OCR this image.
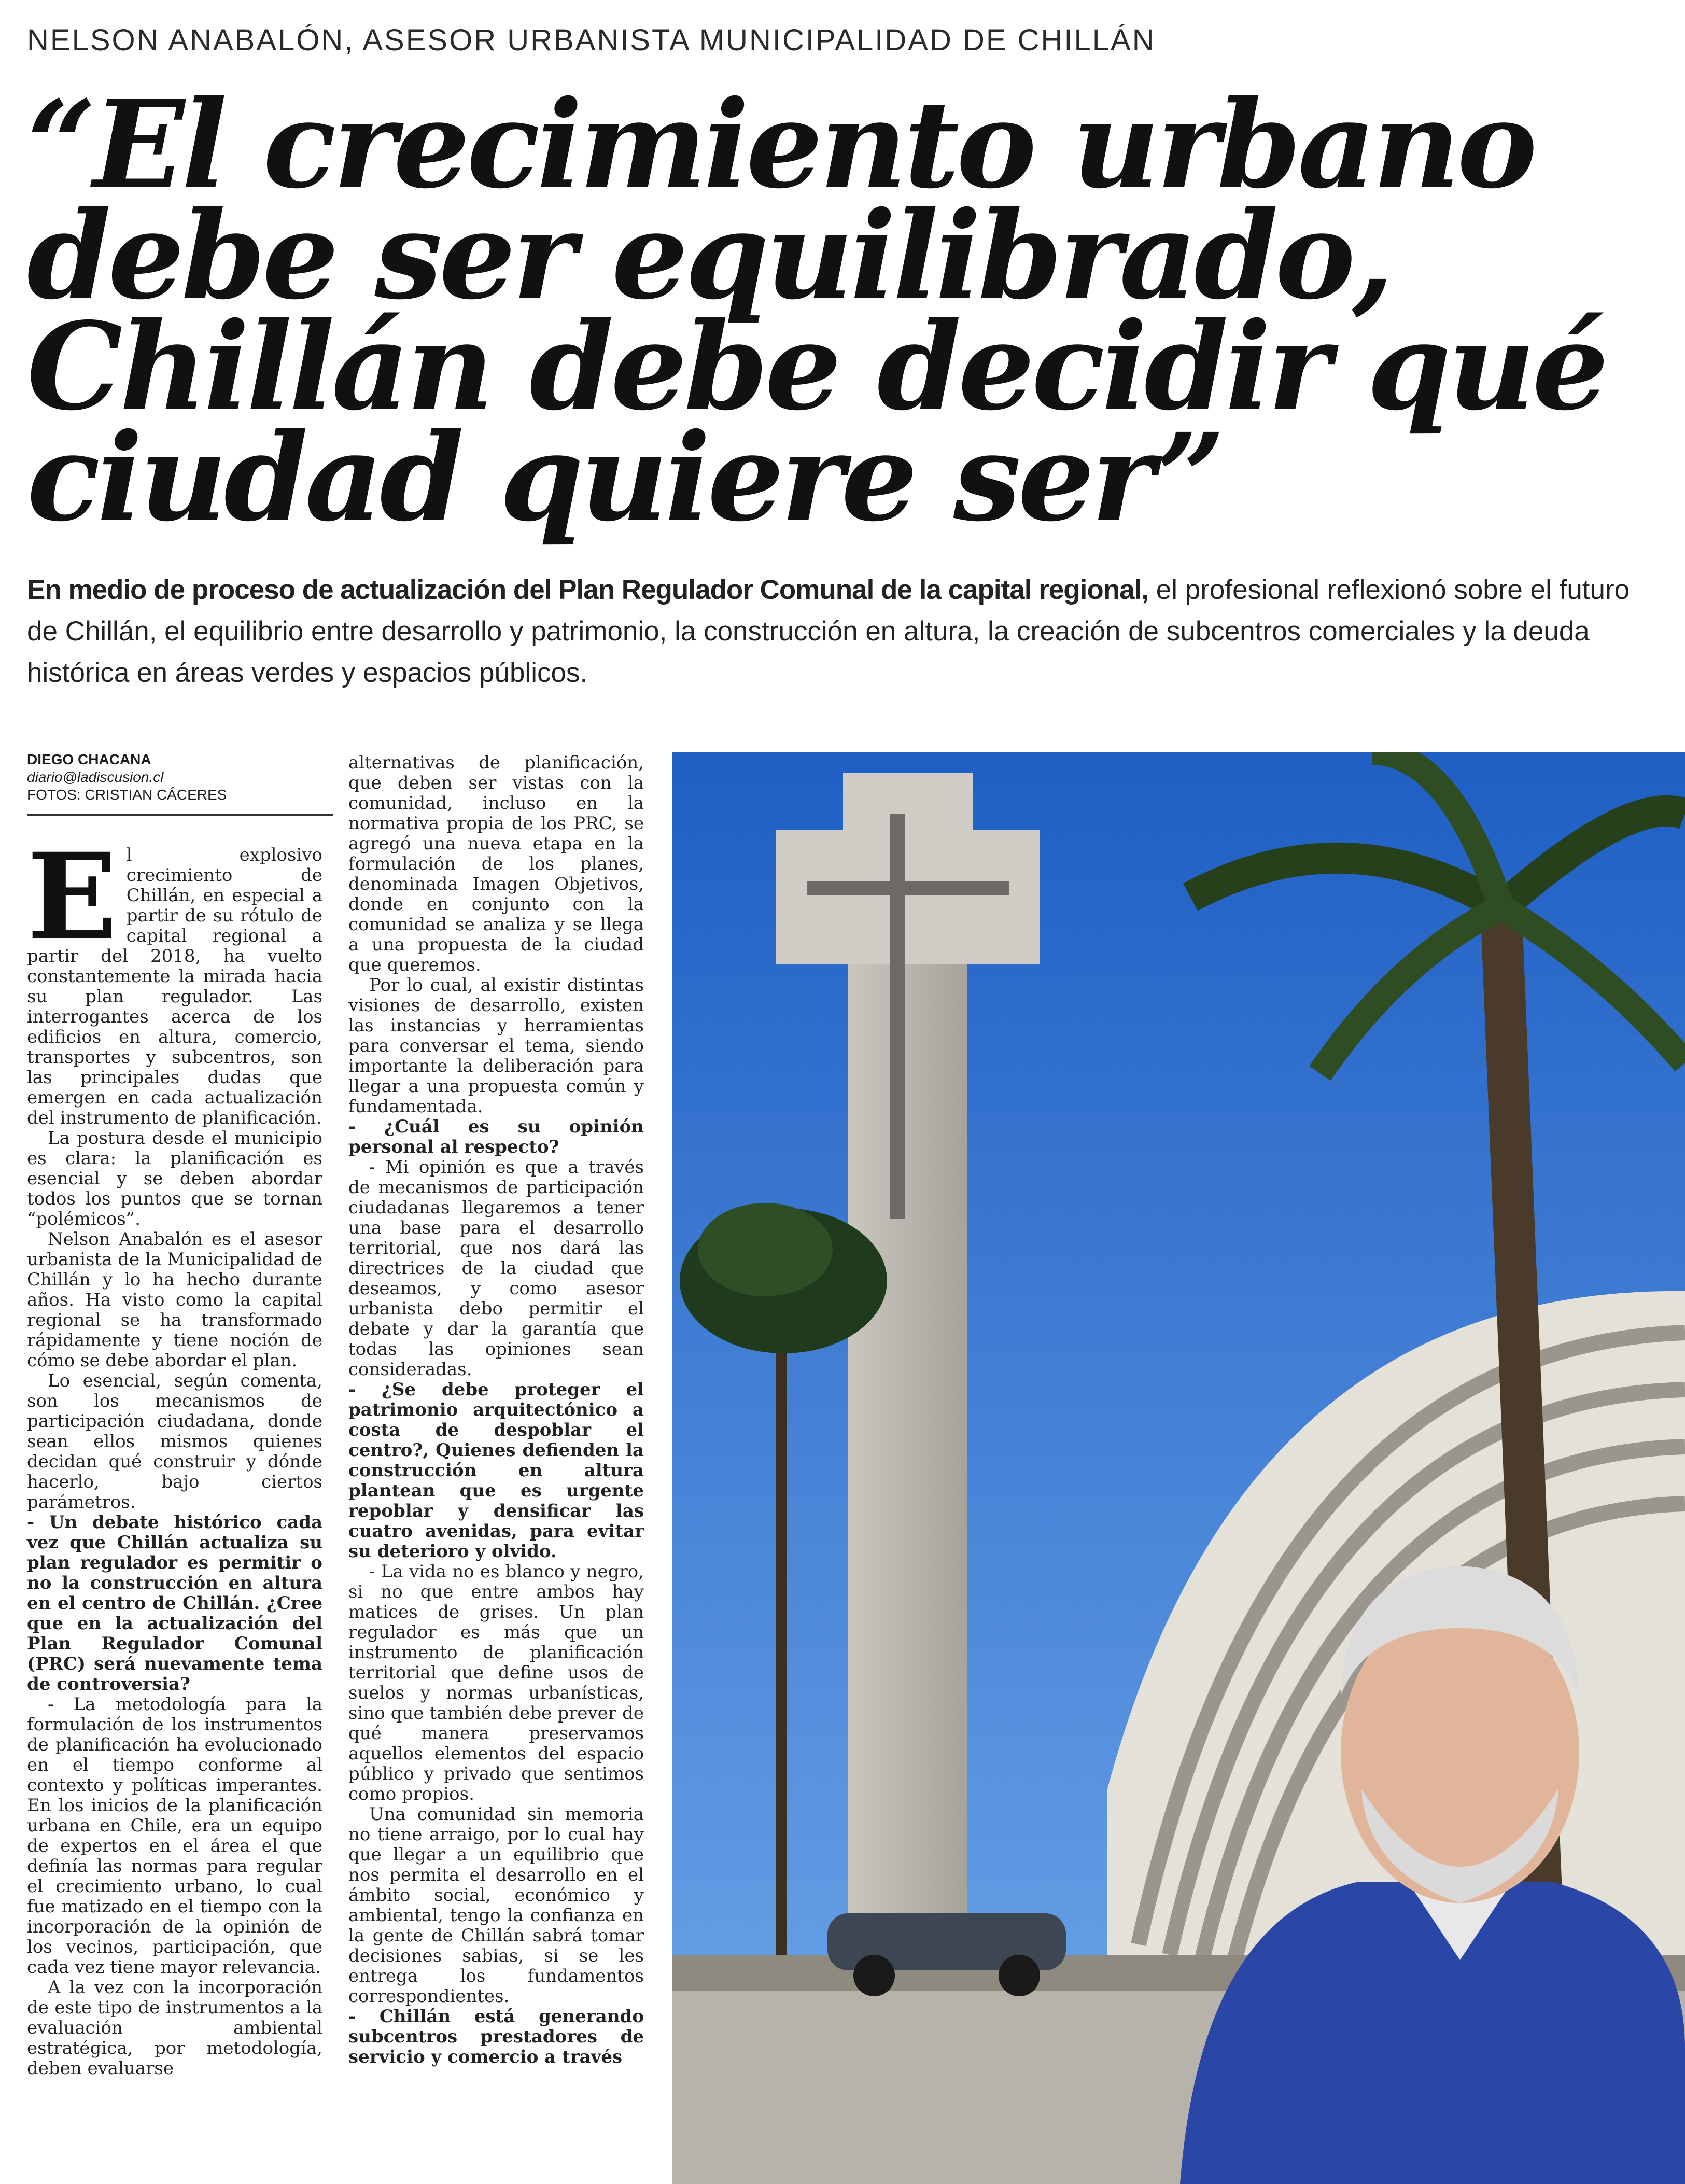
NELSON ANABALÓN, ASESOR URBANISTA MUNICIPALIDAD DE CHILLÁN
“El crecimiento urbano
debe ser equilibrado,
Chillán debe decidir qué
ciudad quiere ser”
En medio de proceso de actualización del Plan Regulador Comunal de la capital regional, el profesional reflexionó sobre el futuro de Chillán, el equilibrio entre desarrollo y patrimonio, la construcción en altura, la creación de subcentros comerciales y la deuda histórica en áreas verdes y espacios públicos.
DIEGO CHACANA
diario@ladiscusion.cl
FOTOS: CRISTIAN CÁCERES

El explosivo crecimiento de Chillán, en especial a partir de su rótulo de capital regional a partir del 2018, ha vuelto constantemente la mirada hacia su plan regulador. Las interrogantes acerca de los edificios en altura, comercio, transportes y subcentros, son las principales dudas que emergen en cada actualización del instrumento de planificación.

La postura desde el municipio es clara: la planificación es esencial y se deben abordar todos los puntos que se tornan “polémicos”.

Nelson Anabalón es el asesor urbanista de la Municipalidad de Chillán y lo ha hecho durante años. Ha visto como la capital regional se ha transformado rápidamente y tiene noción de cómo se debe abordar el plan.

Lo esencial, según comenta, son los mecanismos de participación ciudadana, donde sean ellos mismos quienes decidan qué construir y dónde hacerlo, bajo ciertos parámetros.

- Un debate histórico cada vez que Chillán actualiza su plan regulador es permitir o no la construcción en altura en el centro de Chillán. ¿Cree que en la actualización del Plan Regulador Comunal (PRC) será nuevamente tema de controversia?

- La metodología para la formulación de los instrumentos de planificación ha evolucionado en el tiempo conforme al contexto y políticas imperantes. En los inicios de la planificación urbana en Chile, era un equipo de expertos en el área el que definía las normas para regular el crecimiento urbano, lo cual fue matizado en el tiempo con la incorporación de la opinión de los vecinos, participación, que cada vez tiene mayor relevancia.

A la vez con la incorporación de este tipo de instrumentos a la evaluación ambiental estratégica, por metodología, deben evaluarse

alternativas de planificación, que deben ser vistas con la comunidad, incluso en la normativa propia de los PRC, se agregó una nueva etapa en la formulación de los planes, denominada Imagen Objetivos, donde en conjunto con la comunidad se analiza y se llega a una propuesta de la ciudad que queremos.

Por lo cual, al existir distintas visiones de desarrollo, existen las instancias y herramientas para conversar el tema, siendo importante la deliberación para llegar a una propuesta común y fundamentada.

- ¿Cuál es su opinión personal al respecto?

- Mi opinión es que a través de mecanismos de participación ciudadanas llegaremos a tener una base para el desarrollo territorial, que nos dará las directrices de la ciudad que deseamos, y como asesor urbanista debo permitir el debate y dar la garantía que todas las opiniones sean consideradas.

- ¿Se debe proteger el patrimonio arquitectónico a costa de despoblar el centro?, Quienes defienden la construcción en altura plantean que es urgente repoblar y densificar las cuatro avenidas, para evitar su deterioro y olvido.

- La vida no es blanco y negro, si no que entre ambos hay matices de grises. Un plan regulador es más que un instrumento de planificación territorial que define usos de suelos y normas urbanísticas, sino que también debe prever de qué manera preservamos aquellos elementos del espacio público y privado que sentimos como propios.

Una comunidad sin memoria no tiene arraigo, por lo cual hay que llegar a un equilibrio que nos permita el desarrollo en el ámbito social, económico y ambiental, tengo la confianza en la gente de Chillán sabrá tomar decisiones sabias, si se les entrega los fundamentos correspondientes.

- Chillán está generando subcentros prestadores de servicio y comercio a través
